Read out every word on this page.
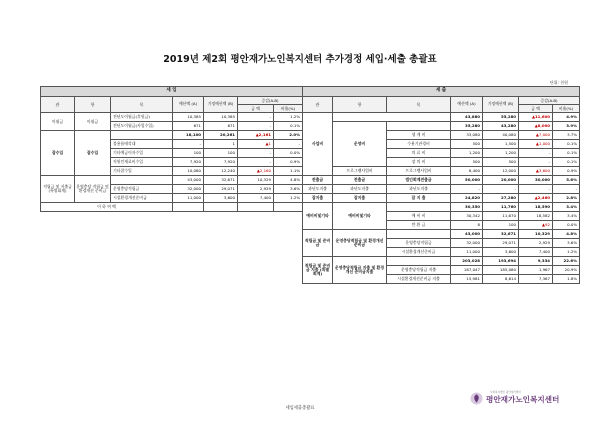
2019년 제2회 평안재가노인복지센터 추가경정 세입·세출 총괄표
단위: 천원
세 입						
관	항	목	예산액 (A)	기정예산액 (B)	증감(A-B)	
					금 액	비율(%)
이월금	이월금	전년도이월금(후원금)	10,385	10,385	-	1.2%
		전년도이월금(사업수입)	671	671	-	0.1%
잡수입	잡수입		18,100	20,261	▲2,161	2.0%
		불용품매각대	-	1	▲1	-
		기타예금이자수입	100	100	-	0.0%
		직원인제료비수입	7,920	7,920	-	0.9%
		기타잡수입	10,080	12,240	▲2,160	1.1%
적립금 및 지출금 (특별회계)	운영충당 적립금 및 환경개선 준비금		43,000	32,671	10,329	4.8%
		운영충당적립금	32,000	29,071	2,929	3.6%
		시설환경개선준비금	11,000	3,600	7,400	1.2%
이 하 여 백						
세 출						
관	항	목	예산액 (A)	기정예산액 (B)	증감(A-B)	
					금 액	비율(%)
사업비			43,880	55,280	▲11,600	4.9%
	운영비		35,280	43,280	▲8,000	3.9%
		생 계 비	33,080	40,080	▲7,000	3.7%
		수용기관경비	500	1,500	▲1,000	0.1%
		의 료 비	1,200	1,200	-	0.1%
		장 의 비	500	500	-	0.1%
	프로그램사업비	프로그램사업비	8,400	12,000	▲3,600	0.9%
전출금	전출금	법인회계전출금	50,000	20,000	30,000	5.6%
과년도지출	과년도지출	과년도지출	-	-	-	-
잡지출	잡지출	잡 지 출	24,820	27,280	▲2,460	2.8%
예비비및기타	예비비및기타		30,350	11,760	18,590	3.4%
		예 비 비	30,342	11,670	18,582	3.4%
		반 환 금	8	100	▲92	0.0%
적립금 및 준비금	운영충당적립금 및 환경개선준비금		43,000	32,671	10,329	4.8%
		운영충당적립금	32,000	29,071	2,929	3.6%
		시설환경개선준비금	11,000	3,600	7,400	1.2%
적립금 및 준비금 지출 (특별회계)	운영충당적립금 지출 및 환경개선 준비금지출		203,028	193,694	9,334	22.6%
		운영충당적립금 지출	187,047	185,080	1,967	20.9%
		시설환경개선준비금 지출	15,981	8,614	7,367	1.8%
사회복지법인 평안재가센터
평안재가노인복지센터
세입세출총괄표
